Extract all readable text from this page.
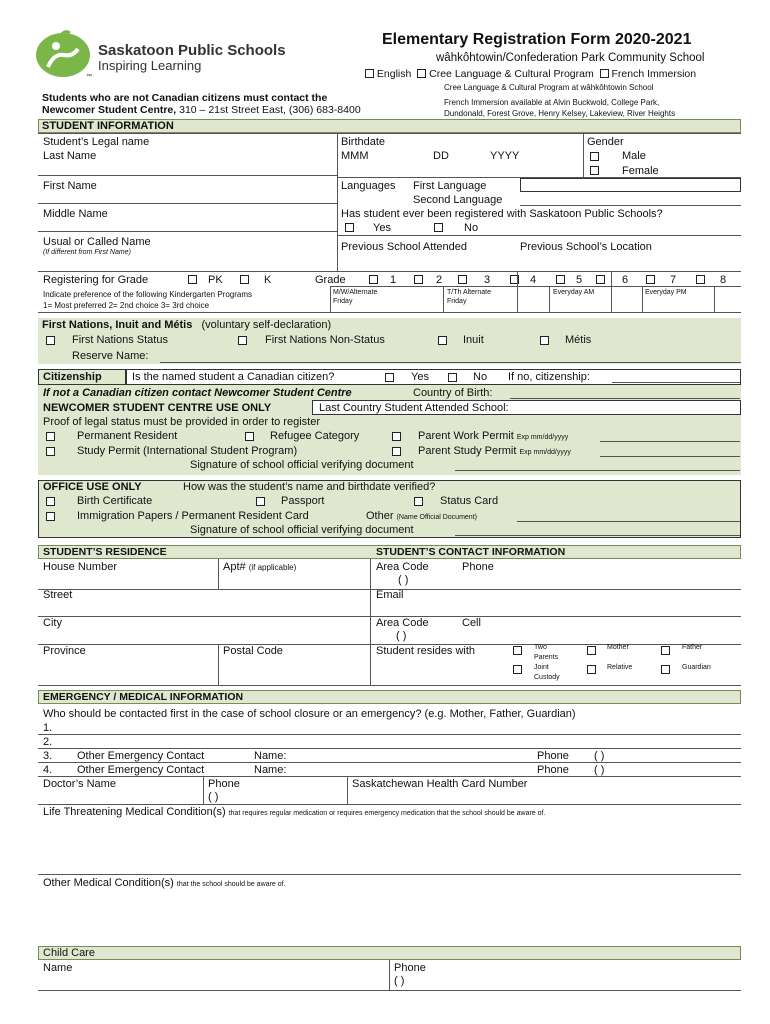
Saskatoon Public Schools
Inspiring Learning
™
Elementary Registration Form 2020-2021
wâhkôhtowin/Confederation Park Community School
English Cree Language & Cultural Program French Immersion
Cree Language & Cultural Program at wâhkôhtowin School
French Immersion available at Alvin Buckwold, College Park,
Dundonald, Forest Grove, Henry Kelsey, Lakeview, River Heights
Students who are not Canadian citizens must contact the
Newcomer Student Centre, 310 – 21st Street East, (306) 683-8400
STUDENT INFORMATION
Student’s Legal name
Last Name
First Name
Middle Name
Usual or Called Name
(If different from First Name)
Birthdate
MMM	DD	YYYY
Gender
Male
Female
Languages First Language
Second Language
Has student ever been registered with Saskatoon Public Schools?
Yes	No
Previous School Attended	Previous School’s Location
Registering for Grade	PK	K	Grade	1	2	3	4	5	6	7	8
Indicate preference of the following Kindergarten Programs
1= Most preferred 2= 2nd choice 3= 3rd choice
M/W/Alternate
Friday
T/Th Alternate
Friday
Everyday AM	Everyday PM
First Nations, Inuit and Métis (voluntary self-declaration)
First Nations Status	First Nations Non-Status	Inuit	Métis
Reserve Name:
Citizenship	Is the named student a Canadian citizen?	Yes	No If no, citizenship:
If not a Canadian citizen contact Newcomer Student Centre	Country of Birth:
NEWCOMER STUDENT CENTRE USE ONLY	Last Country Student Attended School:
Proof of legal status must be provided in order to register
Permanent Resident	Refugee Category	Parent Work Permit Exp mm/dd/yyyy
Study Permit (International Student Program)	Parent Study Permit Exp mm/dd/yyyy
Signature of school official verifying document
OFFICE USE ONLY	How was the student’s name and birthdate verified?
Birth Certificate	Passport	Status Card
Immigration Papers / Permanent Resident Card	Other (Name Official Document)
Signature of school official verifying document
STUDENT’S RESIDENCE	STUDENT’S CONTACT INFORMATION
House Number	Apt# (if applicable)
Street
City
Province	Postal Code
Area Code	Phone
( )
Email
Area Code	Cell
( )
Student resides with	Two
Parents
Joint
Custody
Mother
Relative
Father
Guardian
EMERGENCY / MEDICAL INFORMATION
Who should be contacted first in the case of school closure or an emergency? (e.g. Mother, Father, Guardian)
1.
2.
3. Other Emergency Contact	Name:	Phone ( )
4. Other Emergency Contact	Name:	Phone ( )
Doctor’s Name	Phone
( )
Saskatchewan Health Card Number
Life Threatening Medical Condition(s) that requires regular medication or requires emergency medication that the school should be aware of.
Other Medical Condition(s) that the school should be aware of.
Child Care
Name	Phone
( )
